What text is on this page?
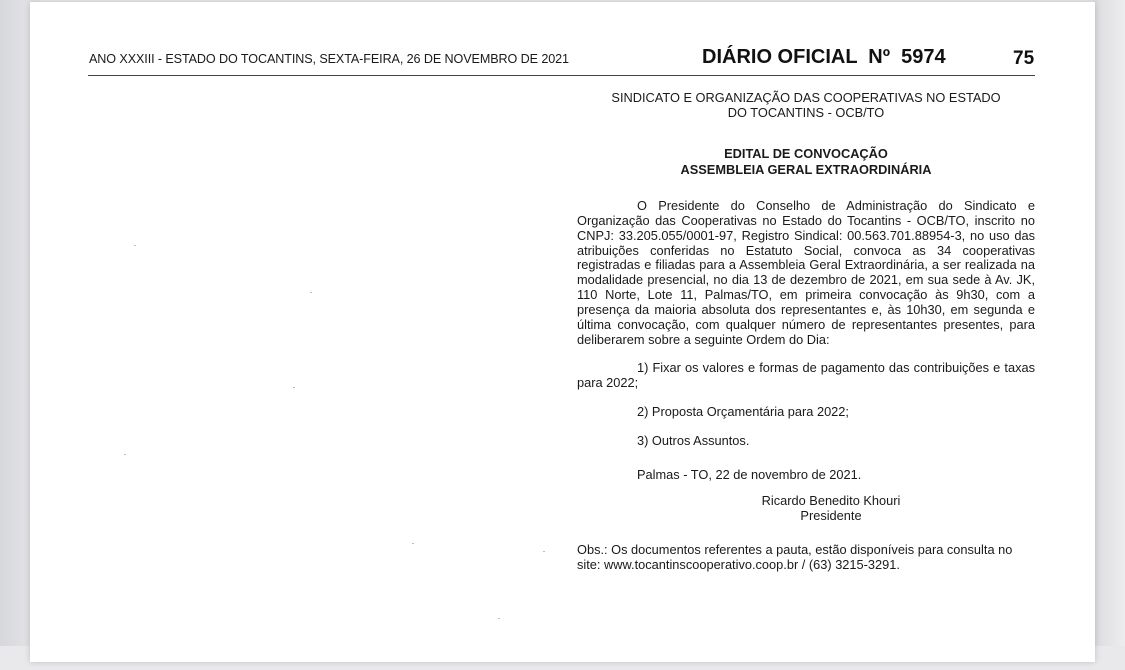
ANO XXXIII - ESTADO DO TOCANTINS, SEXTA-FEIRA, 26 DE NOVEMBRO DE 2021	DIÁRIO OFICIAL  Nº  5974	75
SINDICATO E ORGANIZAÇÃO DAS COOPERATIVAS NO ESTADO
DO TOCANTINS - OCB/TO
EDITAL DE CONVOCAÇÃO
ASSEMBLEIA GERAL EXTRAORDINÁRIA
O Presidente do Conselho de Administração do Sindicato e Organização das Cooperativas no Estado do Tocantins - OCB/TO, inscrito no CNPJ: 33.205.055/0001-97, Registro Sindical: 00.563.701.88954-3, no uso das atribuições conferidas no Estatuto Social, convoca as 34 cooperativas registradas e filiadas para a Assembleia Geral Extraordinária, a ser realizada na modalidade presencial, no dia 13 de dezembro de 2021, em sua sede à Av. JK, 110 Norte, Lote 11, Palmas/TO, em primeira convocação às 9h30, com a presença da maioria absoluta dos representantes e, às 10h30, em segunda e última convocação, com qualquer número de representantes presentes, para deliberarem sobre a seguinte Ordem do Dia:
1) Fixar os valores e formas de pagamento das contribuições e taxas para 2022;
2) Proposta Orçamentária para 2022;
3) Outros Assuntos.
Palmas - TO, 22 de novembro de 2021.
Ricardo Benedito Khouri
Presidente
Obs.: Os documentos referentes a pauta, estão disponíveis para consulta no site: www.tocantinscooperativo.coop.br / (63) 3215-3291.
